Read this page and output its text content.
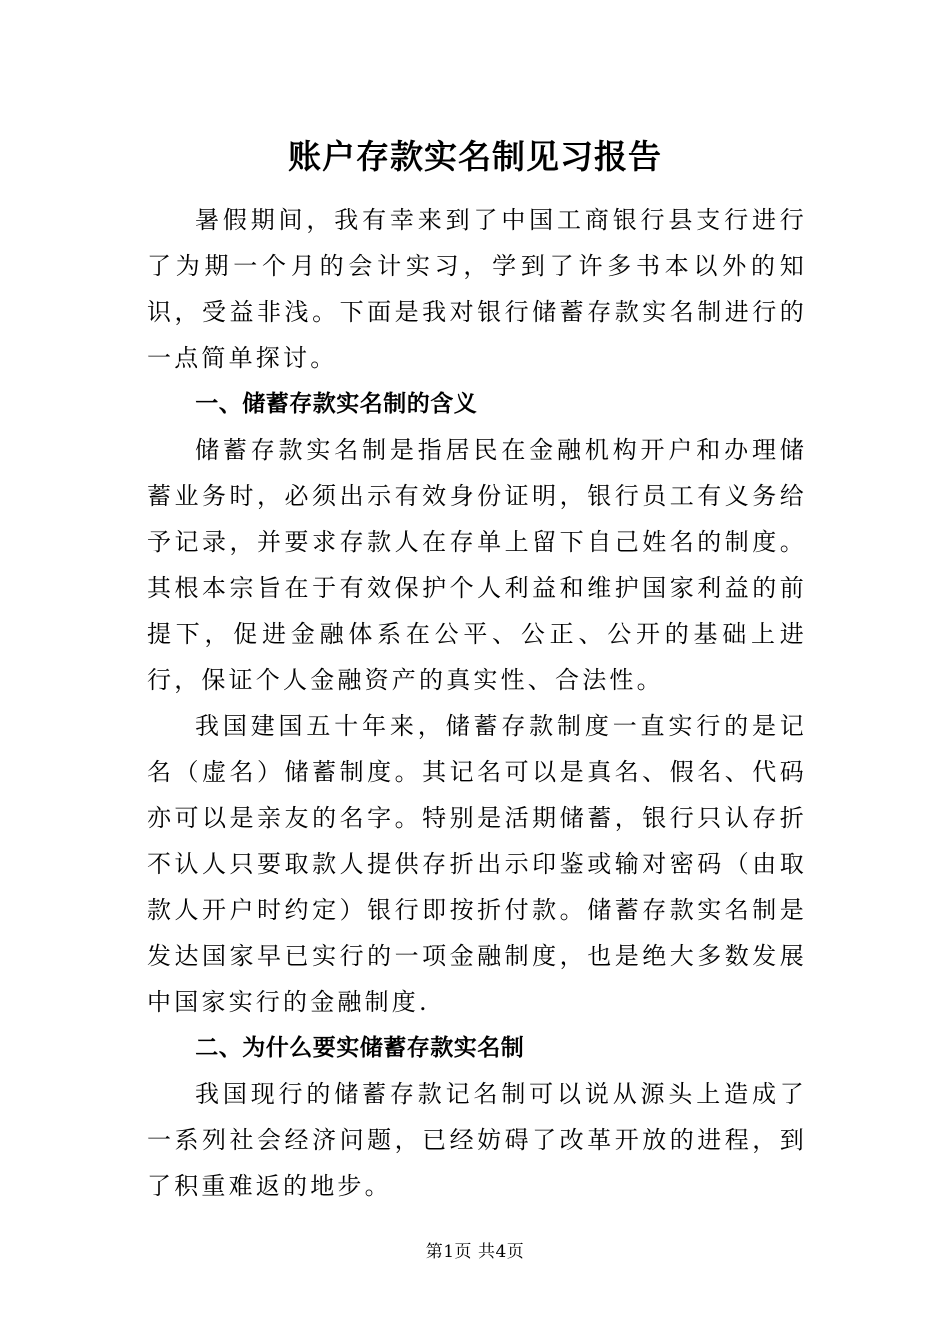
账户存款实名制见习报告

暑假期间，我有幸来到了中国工商银行县支行进行了为期一个月的会计实习，学到了许多书本以外的知识，受益非浅。下面是我对银行储蓄存款实名制进行的一点简单探讨。

一、储蓄存款实名制的含义

储蓄存款实名制是指居民在金融机构开户和办理储蓄业务时，必须出示有效身份证明，银行员工有义务给予记录，并要求存款人在存单上留下自己姓名的制度。其根本宗旨在于有效保护个人利益和维护国家利益的前提下，促进金融体系在公平、公正、公开的基础上进行，保证个人金融资产的真实性、合法性。

我国建国五十年来，储蓄存款制度一直实行的是记名（虚名）储蓄制度。其记名可以是真名、假名、代码亦可以是亲友的名字。特别是活期储蓄，银行只认存折不认人只要取款人提供存折出示印鉴或输对密码（由取款人开户时约定）银行即按折付款。储蓄存款实名制是发达国家早已实行的一项金融制度，也是绝大多数发展中国家实行的金融制度.

二、为什么要实储蓄存款实名制

我国现行的储蓄存款记名制可以说从源头上造成了一系列社会经济问题，已经妨碍了改革开放的进程，到了积重难返的地步。

第1页 共4页
